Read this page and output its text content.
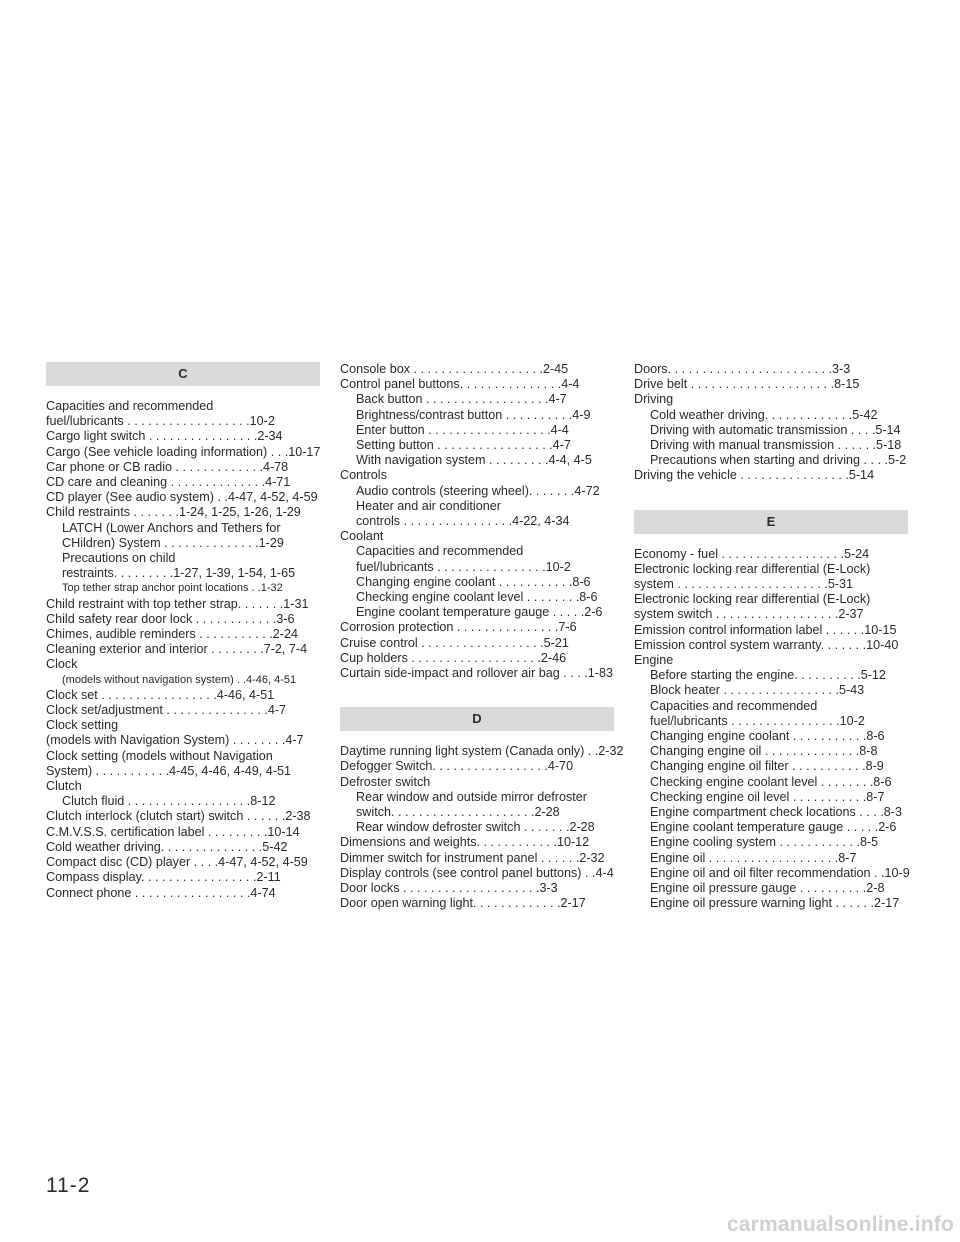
C
Capacities and recommended
fuel/lubricants . . . . . . . . . . . . . . . . . .10-2
Cargo light switch . . . . . . . . . . . . . . . .2-34
Cargo (See vehicle loading information) . . .10-17
Car phone or CB radio . . . . . . . . . . . . .4-78
CD care and cleaning . . . . . . . . . . . . . .4-71
CD player (See audio system) . .4-47, 4-52, 4-59
Child restraints . . . . . . .1-24, 1-25, 1-26, 1-29
LATCH (Lower Anchors and Tethers for
CHildren) System . . . . . . . . . . . . . .1-29
Precautions on child
restraints. . . . . . . . .1-27, 1-39, 1-54, 1-65
Top tether strap anchor point locations . .1-32
Child restraint with top tether strap. . . . . . .1-31
Child safety rear door lock . . . . . . . . . . . .3-6
Chimes, audible reminders . . . . . . . . . . .2-24
Cleaning exterior and interior . . . . . . . .7-2, 7-4
Clock
(models without navigation system) . .4-46, 4-51
Clock set . . . . . . . . . . . . . . . . .4-46, 4-51
Clock set/adjustment . . . . . . . . . . . . . . .4-7
Clock setting
(models with Navigation System) . . . . . . . .4-7
Clock setting (models without Navigation
System) . . . . . . . . . . .4-45, 4-46, 4-49, 4-51
Clutch
Clutch fluid . . . . . . . . . . . . . . . . . .8-12
Clutch interlock (clutch start) switch . . . . . .2-38
C.M.V.S.S. certification label . . . . . . . . .10-14
Cold weather driving. . . . . . . . . . . . . . .5-42
Compact disc (CD) player . . . .4-47, 4-52, 4-59
Compass display. . . . . . . . . . . . . . . . .2-11
Connect phone . . . . . . . . . . . . . . . . .4-74
Console box . . . . . . . . . . . . . . . . . . .2-45
Control panel buttons. . . . . . . . . . . . . . .4-4
Back button . . . . . . . . . . . . . . . . . .4-7
Brightness/contrast button . . . . . . . . . .4-9
Enter button . . . . . . . . . . . . . . . . . .4-4
Setting button . . . . . . . . . . . . . . . . .4-7
With navigation system . . . . . . . . .4-4, 4-5
Controls
Audio controls (steering wheel). . . . . . .4-72
Heater and air conditioner
controls . . . . . . . . . . . . . . . .4-22, 4-34
Coolant
Capacities and recommended
fuel/lubricants . . . . . . . . . . . . . . . .10-2
Changing engine coolant . . . . . . . . . . .8-6
Checking engine coolant level . . . . . . . .8-6
Engine coolant temperature gauge . . . . .2-6
Corrosion protection . . . . . . . . . . . . . . .7-6
Cruise control . . . . . . . . . . . . . . . . . .5-21
Cup holders . . . . . . . . . . . . . . . . . . .2-46
Curtain side-impact and rollover air bag . . . .1-83
D
Daytime running light system (Canada only) . .2-32
Defogger Switch. . . . . . . . . . . . . . . . .4-70
Defroster switch
Rear window and outside mirror defroster
switch. . . . . . . . . . . . . . . . . . . . .2-28
Rear window defroster switch . . . . . . .2-28
Dimensions and weights. . . . . . . . . . . .10-12
Dimmer switch for instrument panel . . . . . .2-32
Display controls (see control panel buttons) . .4-4
Door locks . . . . . . . . . . . . . . . . . . . .3-3
Door open warning light. . . . . . . . . . . . .2-17
Doors. . . . . . . . . . . . . . . . . . . . . . . .3-3
Drive belt . . . . . . . . . . . . . . . . . . . . .8-15
Driving
Cold weather driving. . . . . . . . . . . . .5-42
Driving with automatic transmission . . . .5-14
Driving with manual transmission . . . . . .5-18
Precautions when starting and driving . . . .5-2
Driving the vehicle . . . . . . . . . . . . . . . .5-14
E
Economy - fuel . . . . . . . . . . . . . . . . . .5-24
Electronic locking rear differential (E-Lock)
system . . . . . . . . . . . . . . . . . . . . . .5-31
Electronic locking rear differential (E-Lock)
system switch . . . . . . . . . . . . . . . . . .2-37
Emission control information label . . . . . .10-15
Emission control system warranty. . . . . . .10-40
Engine
Before starting the engine. . . . . . . . . .5-12
Block heater . . . . . . . . . . . . . . . . .5-43
Capacities and recommended
fuel/lubricants . . . . . . . . . . . . . . . .10-2
Changing engine coolant . . . . . . . . . . .8-6
Changing engine oil . . . . . . . . . . . . . .8-8
Changing engine oil filter . . . . . . . . . . .8-9
Checking engine coolant level . . . . . . . .8-6
Checking engine oil level . . . . . . . . . . .8-7
Engine compartment check locations . . . .8-3
Engine coolant temperature gauge . . . . .2-6
Engine cooling system . . . . . . . . . . . .8-5
Engine oil . . . . . . . . . . . . . . . . . . .8-7
Engine oil and oil filter recommendation . .10-9
Engine oil pressure gauge . . . . . . . . . .2-8
Engine oil pressure warning light . . . . . .2-17
11-2
carmanualsonline.info
